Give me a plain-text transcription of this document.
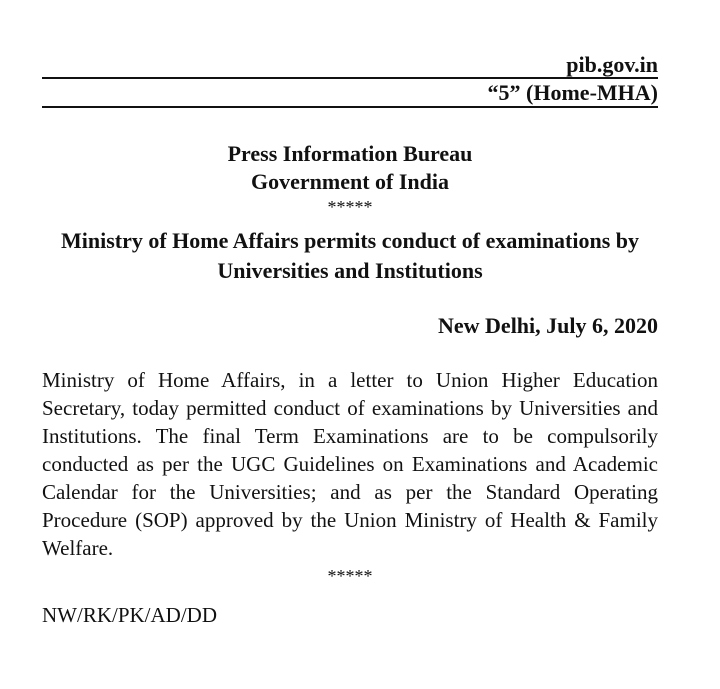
pib.gov.in
“5” (Home-MHA)
Press Information Bureau
Government of India
*****
Ministry of Home Affairs permits conduct of examinations by Universities and Institutions
New Delhi, July 6, 2020
Ministry of Home Affairs, in a letter to Union Higher Education Secretary, today permitted conduct of examinations by Universities and Institutions. The final Term Examinations are to be compulsorily conducted as per the UGC Guidelines on Examinations and Academic Calendar for the Universities; and as per the Standard Operating Procedure (SOP) approved by the Union Ministry of Health & Family Welfare.
*****
NW/RK/PK/AD/DD
